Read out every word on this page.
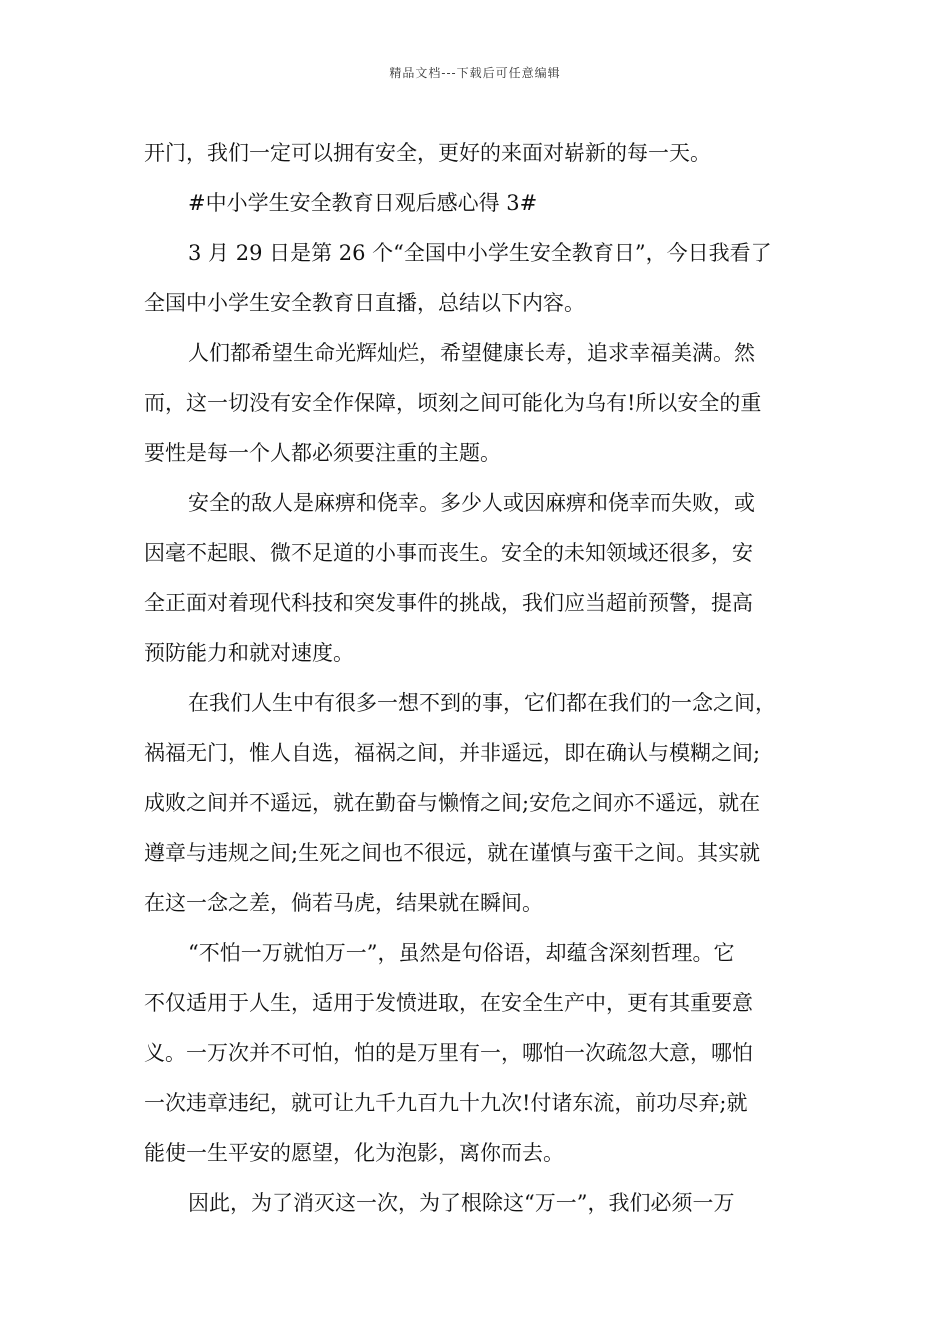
精品文档---下载后可任意编辑
开门，我们一定可以拥有安全，更好的来面对崭新的每一天。
#中小学生安全教育日观后感心得 3#
3 月 29 日是第 26 个“全国中小学生安全教育日”，今日我看了
全国中小学生安全教育日直播，总结以下内容。
人们都希望生命光辉灿烂，希望健康长寿，追求幸福美满。然
而，这一切没有安全作保障，顷刻之间可能化为乌有!所以安全的重
要性是每一个人都必须要注重的主题。
安全的敌人是麻痹和侥幸。多少人或因麻痹和侥幸而失败，或
因毫不起眼、微不足道的小事而丧生。安全的未知领域还很多，安
全正面对着现代科技和突发事件的挑战，我们应当超前预警，提高
预防能力和就对速度。
在我们人生中有很多一想不到的事，它们都在我们的一念之间，
祸福无门，惟人自选，福祸之间，并非遥远，即在确认与模糊之间;
成败之间并不遥远，就在勤奋与懒惰之间;安危之间亦不遥远，就在
遵章与违规之间;生死之间也不很远，就在谨慎与蛮干之间。其实就
在这一念之差，倘若马虎，结果就在瞬间。
“不怕一万就怕万一”，虽然是句俗语，却蕴含深刻哲理。它
不仅适用于人生，适用于发愤进取，在安全生产中，更有其重要意
义。一万次并不可怕，怕的是万里有一，哪怕一次疏忽大意，哪怕
一次违章违纪，就可让九千九百九十九次!付诸东流，前功尽弃;就
能使一生平安的愿望，化为泡影，离你而去。
因此，为了消灭这一次，为了根除这“万一”，我们必须一万
